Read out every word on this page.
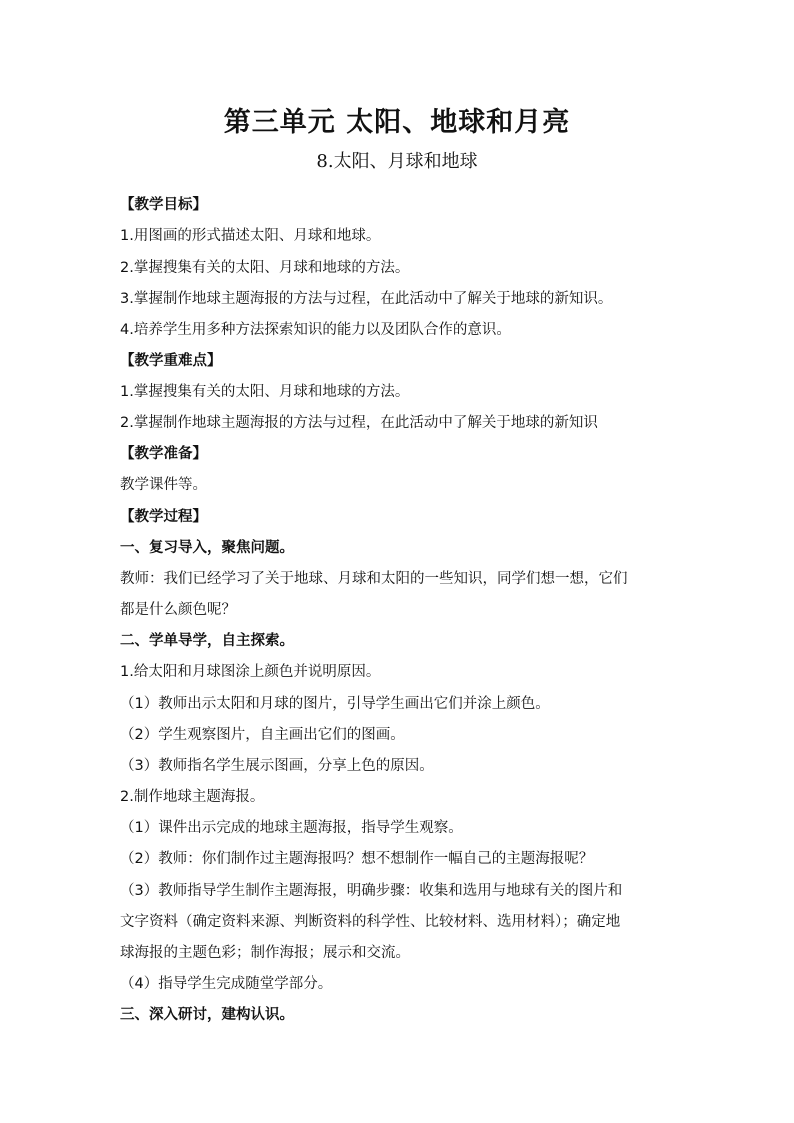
第三单元 太阳、地球和月亮
8.太阳、月球和地球
【教学目标】
1.用图画的形式描述太阳、月球和地球。
2.掌握搜集有关的太阳、月球和地球的方法。
3.掌握制作地球主题海报的方法与过程，在此活动中了解关于地球的新知识。
4.培养学生用多种方法探索知识的能力以及团队合作的意识。
【教学重难点】
1.掌握搜集有关的太阳、月球和地球的方法。
2.掌握制作地球主题海报的方法与过程，在此活动中了解关于地球的新知识
【教学准备】
教学课件等。
【教学过程】
一、复习导入，聚焦问题。
教师：我们已经学习了关于地球、月球和太阳的一些知识，同学们想一想，它们
都是什么颜色呢？
二、学单导学，自主探索。
1.给太阳和月球图涂上颜色并说明原因。
（1）教师出示太阳和月球的图片，引导学生画出它们并涂上颜色。
（2）学生观察图片，自主画出它们的图画。
（3）教师指名学生展示图画，分享上色的原因。
2.制作地球主题海报。
（1）课件出示完成的地球主题海报，指导学生观察。
（2）教师：你们制作过主题海报吗？想不想制作一幅自己的主题海报呢？
（3）教师指导学生制作主题海报，明确步骤：收集和选用与地球有关的图片和
文字资料（确定资料来源、判断资料的科学性、比较材料、选用材料）；确定地
球海报的主题色彩；制作海报；展示和交流。
（4）指导学生完成随堂学部分。
三、深入研讨，建构认识。
